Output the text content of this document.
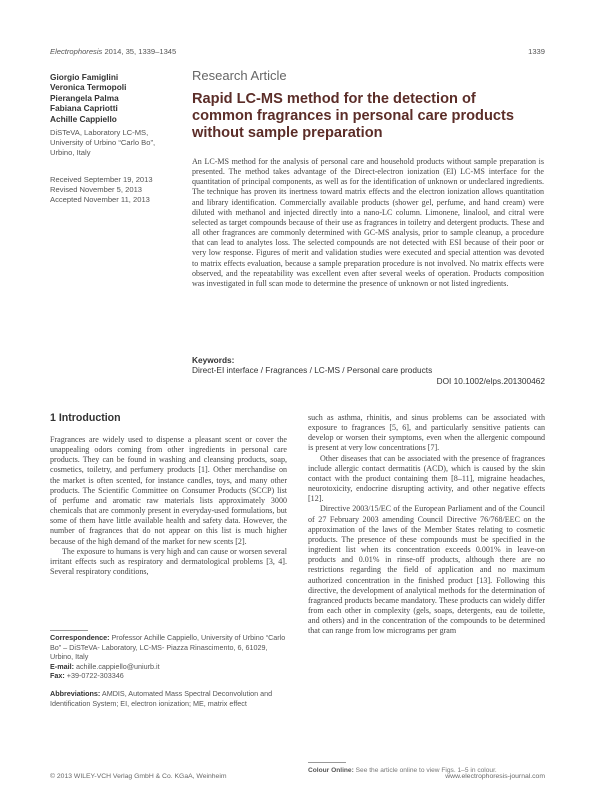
Electrophoresis 2014, 35, 1339–1345	1339
Giorgio Famiglini
Veronica Termopoli
Pierangela Palma
Fabiana Capriotti
Achille Cappiello
DiSTeVA, Laboratory LC-MS,
University of Urbino “Carlo Bo”,
Urbino, Italy
Received September 19, 2013
Revised November 5, 2013
Accepted November 11, 2013
Research Article
Rapid LC-MS method for the detection of common fragrances in personal care products without sample preparation
An LC-MS method for the analysis of personal care and household products without sample preparation is presented. The method takes advantage of the Direct-electron ionization (EI) LC-MS interface for the quantitation of principal components, as well as for the identification of unknown or undeclared ingredients. The technique has proven its inertness toward matrix effects and the electron ionization allows quantitation and library identification. Commercially available products (shower gel, perfume, and hand cream) were diluted with methanol and injected directly into a nano-LC column. Limonene, linalool, and citral were selected as target compounds because of their use as fragrances in toiletry and detergent products. These and all other fragrances are commonly determined with GC-MS analysis, prior to sample cleanup, a procedure that can lead to analytes loss. The selected compounds are not detected with ESI because of their poor or very low response. Figures of merit and validation studies were executed and special attention was devoted to matrix effects evaluation, because a sample preparation procedure is not involved. No matrix effects were observed, and the repeatability was excellent even after several weeks of operation. Products composition was investigated in full scan mode to determine the presence of unknown or not listed ingredients.
Keywords:
Direct-EI interface / Fragrances / LC-MS / Personal care products
DOI 10.1002/elps.201300462
1 Introduction

Fragrances are widely used to dispense a pleasant scent or cover the unappealing odors coming from other ingredients in personal care products. They can be found in washing and cleansing products, soap, cosmetics, toiletry, and perfumery products [1]. Other merchandise on the market is often scented, for instance candles, toys, and many other products. The Scientific Committee on Consumer Products (SCCP) list of perfume and aromatic raw materials lists approximately 3000 chemicals that are commonly present in everyday-used formulations, but some of them have little available health and safety data. However, the number of fragrances that do not appear on this list is much higher because of the high demand of the market for new scents [2].

The exposure to humans is very high and can cause or worsen several irritant effects such as respiratory and dermatological problems [3, 4]. Several respiratory conditions,

such as asthma, rhinitis, and sinus problems can be associated with exposure to fragrances [5, 6], and particularly sensitive patients can develop or worsen their symptoms, even when the allergenic compound is present at very low concentrations [7].

Other diseases that can be associated with the presence of fragrances include allergic contact dermatitis (ACD), which is caused by the skin contact with the product containing them [8–11], migraine headaches, neurotoxicity, endocrine disrupting activity, and other negative effects [12].

Directive 2003/15/EC of the European Parliament and of the Council of 27 February 2003 amending Council Directive 76/768/EEC on the approximation of the laws of the Member States relating to cosmetic products. The presence of these compounds must be specified in the ingredient list when its concentration exceeds 0.001% in leave-on products and 0.01% in rinse-off products, although there are no restrictions regarding the field of application and no maximum authorized concentration in the finished product [13]. Following this directive, the development of analytical methods for the determination of fragranced products became mandatory. These products can widely differ from each other in complexity (gels, soaps, detergents, eau de toilette, and others) and in the concentration of the compounds to be determined that can range from low micrograms per gram

Correspondence: Professor Achille Cappiello, University of Urbino “Carlo Bo” – DiSTeVA- Laboratory, LC-MS- Piazza Rinascimento, 6, 61029, Urbino, Italy
E-mail: achille.cappiello@uniurb.it
Fax: +39-0722-303346
Abbreviations: AMDIS, Automated Mass Spectral Deconvolution and Identification System; EI, electron ionization; ME, matrix effect
Colour Online: See the article online to view Figs. 1–5 in colour.
© 2013 WILEY-VCH Verlag GmbH & Co. KGaA, Weinheim	www.electrophoresis-journal.com
